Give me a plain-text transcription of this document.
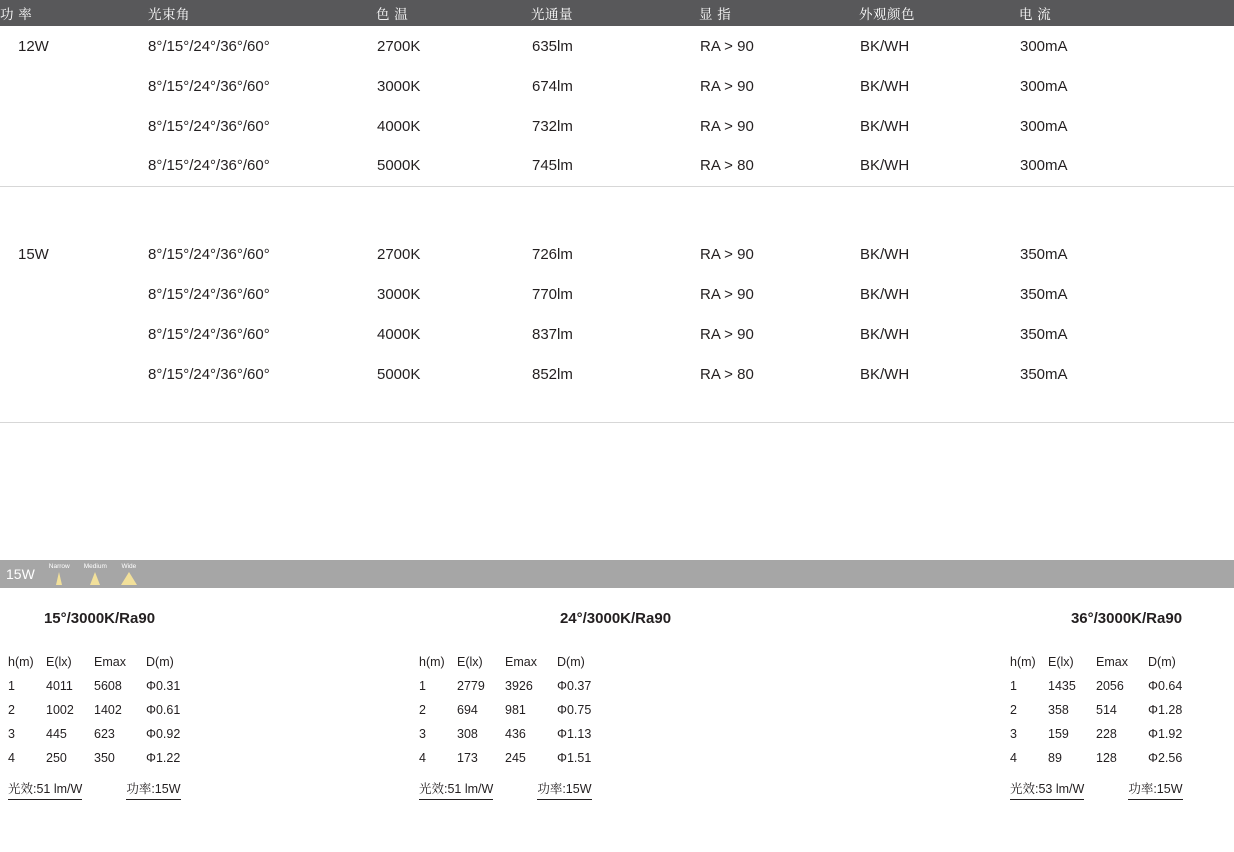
功 率	光束角	色 温	光通量	显 指	外观颜色	电 流
12W	8°/15°/24°/36°/60°	2700K	635lm	RA > 90	BK/WH	300mA
	8°/15°/24°/36°/60°	3000K	674lm	RA > 90	BK/WH	300mA
	8°/15°/24°/36°/60°	4000K	732lm	RA > 90	BK/WH	300mA
	8°/15°/24°/36°/60°	5000K	745lm	RA > 80	BK/WH	300mA

15W	8°/15°/24°/36°/60°	2700K	726lm	RA > 90	BK/WH	350mA
	8°/15°/24°/36°/60°	3000K	770lm	RA > 90	BK/WH	350mA
	8°/15°/24°/36°/60°	4000K	837lm	RA > 90	BK/WH	350mA
	8°/15°/24°/36°/60°	5000K	852lm	RA > 80	BK/WH	350mA

15W	Narrow Medium Wide
15°/3000K/Ra90
h(m)	E(lx)	Emax	D(m)
1	4011	5608	Φ0.31
2	1002	1402	Φ0.61
3	445	623	Φ0.92
4	250	350	Φ1.22
光效:51 lm/W	功率:15W
24°/3000K/Ra90
h(m)	E(lx)	Emax	D(m)
1	2779	3926	Φ0.37
2	694	981	Φ0.75
3	308	436	Φ1.13
4	173	245	Φ1.51
光效:51 lm/W	功率:15W
36°/3000K/Ra90
h(m)	E(lx)	Emax	D(m)
1	1435	2056	Φ0.64
2	358	514	Φ1.28
3	159	228	Φ1.92
4	89	128	Φ2.56
光效:53 lm/W	功率:15W
